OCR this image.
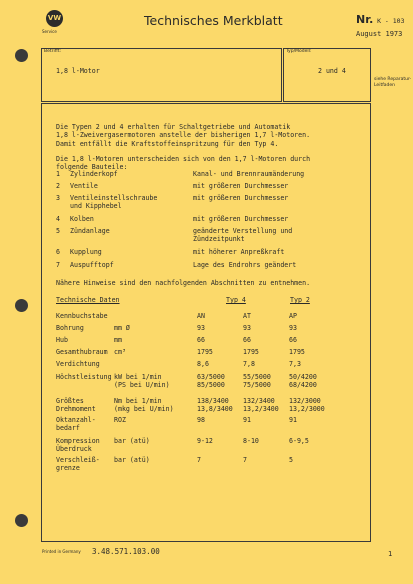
VW
Service
Technisches Merkblatt	Nr. K - 103
August 1973
Betrifft:
1,8 l-Motor
Typ/Modell:
2 und 4
siehe Reparatur-Leitfaden

Die Typen 2 und 4 erhalten für Schaltgetriebe und Automatik
1,8 l-Zweivergasermotoren anstelle der bisherigen 1,7 l-Motoren.
Damit entfällt die Kraftstoffeinspritzung für den Typ 4.

Die 1,8 l-Motoren unterscheiden sich von den 1,7 l-Motoren durch
folgende Bauteile:

1 Zylinderkopf	Kanal- und Brennraumänderung
2 Ventile	mit größeren Durchmesser
3 Ventileinstellschraube	mit größeren Durchmesser
und Kipphebel
4 Kolben	mit größeren Durchmesser
5 Zündanlage	geänderte Verstellung und
Zündzeitpunkt
6 Kupplung	mit höherer Anpreßkraft
7 Auspufftopf	Lage des Endrohrs geändert
Nähere Hinweise sind den nachfolgenden Abschnitten zu entnehmen.
Technische Daten	Typ 4	Typ 2
Kennbuchstabe	AN	AT	AP
Bohrung	mm Ø	93	93	93
Hub	mm	66	66	66
Gesamthubraum cm³	1795	1795	1795
Verdichtung	8,6	7,8	7,3
Höchstleistung kW bei 1/min	63/5000	55/5000	50/4200
(PS bei U/min)	85/5000	75/5000	68/4200
Größtes	Nm bei 1/min	138/3400 132/3400 132/3000
Drehmoment	(mkg bei U/min)	13,8/3400 13,2/3400 13,2/3000
Oktanzahl-	ROZ	98	91	91
bedarf
Kompression bar (atü)	9-12	8-10	6-9,5
Überdruck
Verschleiß- bar (atü)	7	7	5
grenze
Printed in Germany 3.48.571.103.00	1
